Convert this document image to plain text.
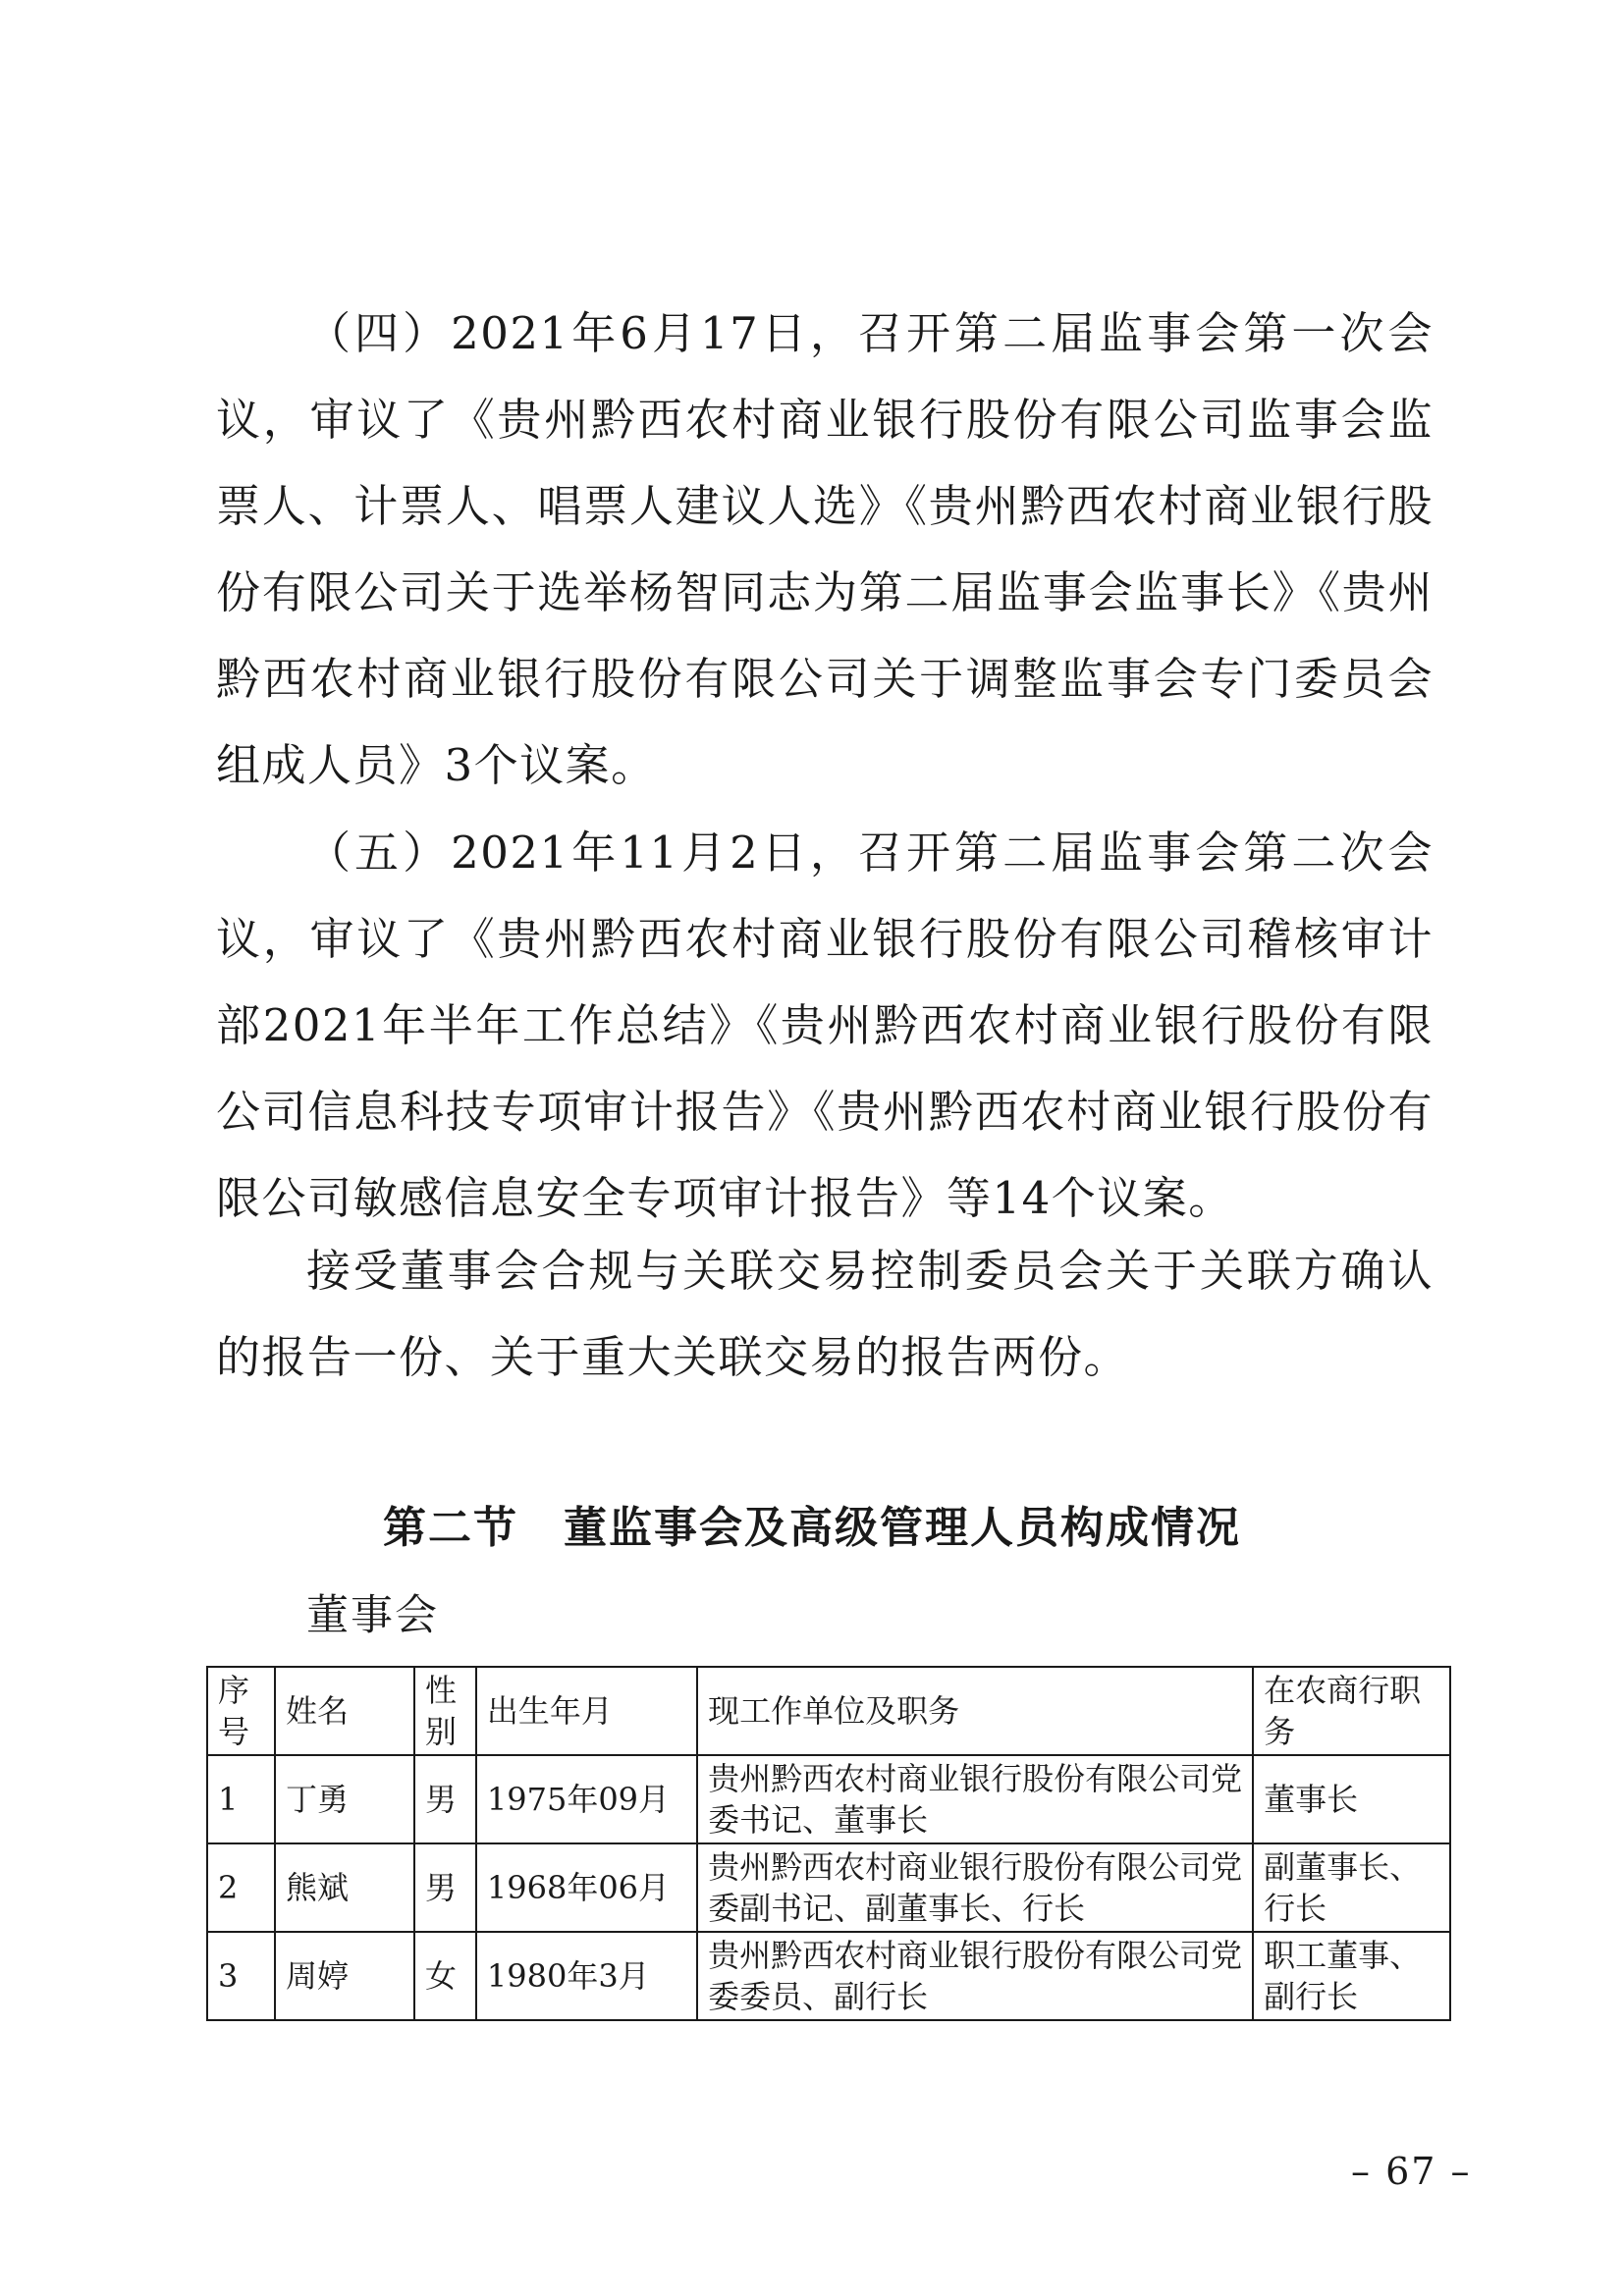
（四）2021年6月17日，召开第二届监事会第一次会议，审议了《贵州黔西农村商业银行股份有限公司监事会监票人、计票人、唱票人建议人选》《贵州黔西农村商业银行股份有限公司关于选举杨智同志为第二届监事会监事长》《贵州黔西农村商业银行股份有限公司关于调整监事会专门委员会组成人员》3个议案。

（五）2021年11月2日，召开第二届监事会第二次会议，审议了《贵州黔西农村商业银行股份有限公司稽核审计部2021年半年工作总结》《贵州黔西农村商业银行股份有限公司信息科技专项审计报告》《贵州黔西农村商业银行股份有限公司敏感信息安全专项审计报告》等14个议案。

接受董事会合规与关联交易控制委员会关于关联方确认的报告一份、关于重大关联交易的报告两份。

第二节　董监事会及高级管理人员构成情况
董事会
序号	姓名	性别	出生年月	现工作单位及职务	在农商行职务
1	丁勇	男	1975年09月	贵州黔西农村商业银行股份有限公司党委书记、董事长	董事长
2	熊斌	男	1968年06月	贵州黔西农村商业银行股份有限公司党委副书记、副董事长、行长	副董事长、行长
3	周婷	女	1980年3月	贵州黔西农村商业银行股份有限公司党委委员、副行长	职工董事、副行长
– 67 –
